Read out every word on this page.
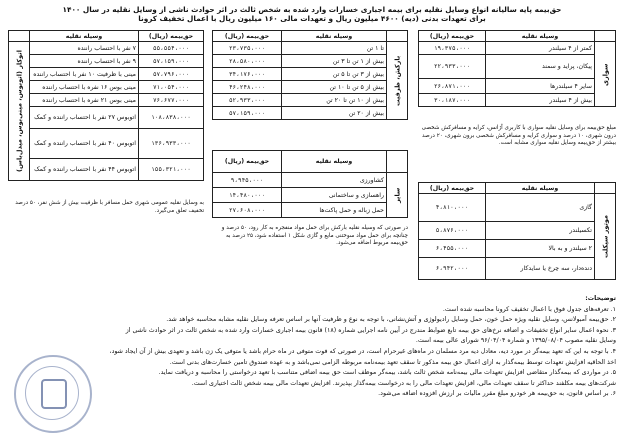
حق‌بیمه پایه سالیانه انواع وسایل نقلیه برای بیمه اجباری خسارات وارد شده به شخص ثالث در اثر حوادث ناشی از وسایل نقلیه در سال ۱۴۰۰
برای تعهدات بدنی (دیه) ۴۶۰۰ میلیون ریال و تعهدات مالی ۱۶۰ میلیون ریال با اعمال تخفیف کرونا
	وسیله نقلیه	حق‌بیمه (ریال)
سواری	کمتر از ۴ سیلندر	۱۹،۳۷۵،۰۰۰
	پیکان، پراید و سمند	۲۲،۹۳۳،۰۰۰
	سایر ۴ سیلندرها	۲۶،۸۷۱،۰۰۰
	بیش از ۴ سیلندر	۳۰،۱۸۷،۰۰۰
مبلغ حق‌بیمه برای وسایل نقلیه سواری با کاربری آژانس، کرایه و مسافرکش شخصی درون شهری، ۱۰ درصد و سواری کرایه و مسافرکش شخصی برون شهری، ۲۰ درصد بیشتر از حق‌بیمه وسایل نقلیه سواری مشابه است.
	وسیله نقلیه	حق‌بیمه (ریال)
موتور سیکلت	گازی	۴،۸۱۰،۰۰۰
	تکسیلندر	۵،۸۷۶،۰۰۰
	۲ سیلندر و به بالا	۶،۴۵۵،۰۰۰
	دنده‌دار، سه چرخ یا سایدکار	۶،۹۴۲،۰۰۰
	وسیله نقلیه	حق‌بیمه (ریال)
بارکش، ظرفیت	تا ۱ تن	۲۳،۷۳۵،۰۰۰
	بیش از ۱ تن تا ۳ تن	۲۸،۵۸۰،۰۰۰
	بیش از ۳ تن تا ۵ تن	۳۴،۱۷۶،۰۰۰
	بیش از ۵ تن تا ۱۰ تن	۴۶،۲۴۸،۰۰۰
	بیش از ۱۰ تن تا ۲۰ تن	۵۲،۹۳۳،۰۰۰
	بیش از ۲۰ تن	۵۷،۱۵۹،۰۰۰
	وسیله نقلیه	حق‌بیمه (ریال)
سایر	کشاورزی	۹،۹۴۵،۰۰۰
	راهسازی و ساختمانی	۱۴،۴۸۰،۰۰۰
	حمل زباله و حمل پاکت‌ها	۲۷،۶۰۸،۰۰۰
در صورتی که وسیله نقلیه بارکش برای حمل مواد منفجره به کار رود، ۵۰ درصد و چنانچه برای حمل مواد سوختنی مایع و گازی شکل ۱ استفاده شود، ۲۵ درصد به حق‌بیمه مربوط اضافه می‌شود.
حق‌بیمه (ریال)	وسیله نقلیه	
۵۵،۵۵۴،۰۰۰	۷ نفر با احتساب راننده	اتوکار (اتوبوس، مینی‌بوس، میدل‌باس)
۵۷،۱۵۹،۰۰۰	۹ نفر با احتساب راننده	
۵۷،۷۹۶،۰۰۰	مینی با ظرفیت ۱۰ نفر با احتساب راننده	
۷۱،۰۵۴،۰۰۰	مینی بوس ۱۶ نفره با احتساب راننده	
۷۶،۶۷۷،۰۰۰	مینی بوس ۲۱ نفره با احتساب راننده	
۱۰۸،۸۳۸،۰۰۰	اتوبوس ۲۷ نفر با احتساب راننده و کمک	
۱۳۶،۹۳۳،۰۰۰	اتوبوس ۴۰ نفر با احتساب راننده و کمک	
۱۵۵،۳۲۱،۰۰۰	اتوبوس ۴۴ نفر با احتساب راننده و کمک	
به وسایل نقلیه عمومی شهری حمل مسافر با ظرفیت بیش از شش نفر، ۵۰ درصد تخفیف تعلق می‌گیرد.
توضیحات:
۱. تعرفه‌های جدول فوق با اعمال تخفیف کرونا محاسبه شده است.
۲. حق‌بیمه آمبولانس، وسایل نقلیه ویژه حمل خون، حمل وسایل رادیولوژی و آتش‌نشانی، با توجه به نوع و ظرفیت آنها بر اساس تعرفه وسایل نقلیه مشابه محاسبه خواهد شد.
۳. نحوه اعمال سایر انواع تخفیفات و اضافه نرخ‌های حق بیمه تابع ضوابط مندرج در آیین نامه اجرایی شماره (۱۸) قانون بیمه اجباری خسارات وارد شده به شخص ثالث در اثر حوادث ناشی از
وسایل نقلیه مصوب ۱۳۹۵/۰۸/۰۴ و شماره ۹۶/۰۴/۰۴ شورای عالی بیمه است.
۴. با توجه به این که تعهد بیمه‌گر در مورد دیه، معادل دیه مرد مسلمان در ماه‌های غیرحرام است، در صورتی که فوت متوفی در ماه حرام باشد یا متوفی یک زن باشد و تعهدی بیش از آن ایجاد شود،
اخذ الحاقیه افزایش تعهدات توسط بیمه‌گذار به ازای اعمال حق بیمه مذکور تا سقف تعهد بیمه‌نامه مربوطه الزامی نمی‌باشد و به عهده صندوق تامین خسارت‌های بدنی است.
۵. در مواردی که بیمه‌گذار متقاضی افزایش تعهدات مالی بیمه‌نامه شخص ثالث باشد، بیمه‌گر موظف است حق بیمه اضافی متناسب با تعهد درخواستی را محاسبه و دریافت نماید.
شرکت‌های بیمه مکلفند حداکثر تا سقف تعهدات مالی، افزایش تعهدات مالی را به درخواست بیمه‌گذار بپذیرند. افزایش تعهدات مالی بیمه شخص ثالث اختیاری است.
۶. بر اساس قانون، به حق‌بیمه هر خودرو مبلغ مقرر مالیات بر ارزش افزوده اضافه می‌شود.
